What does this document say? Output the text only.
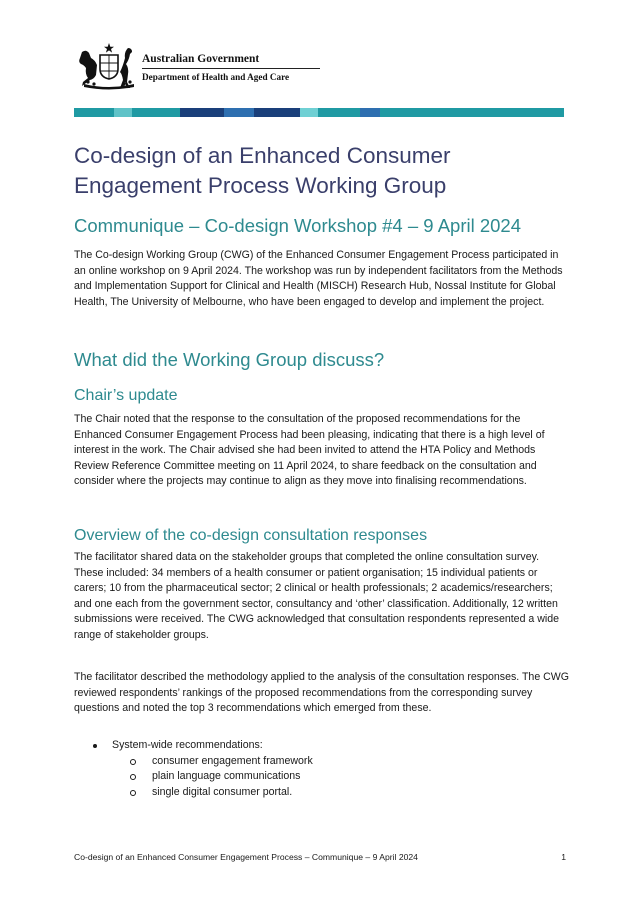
Australian Government
Department of Health and Aged Care
Co-design of an Enhanced Consumer Engagement Process Working Group
Communique – Co-design Workshop #4 – 9 April 2024

The Co-design Working Group (CWG) of the Enhanced Consumer Engagement Process participated in an online workshop on 9 April 2024. The workshop was run by independent facilitators from the Methods and Implementation Support for Clinical and Health (MISCH) Research Hub, Nossal Institute for Global Health, The University of Melbourne, who have been engaged to develop and implement the project.

What did the Working Group discuss?
Chair’s update

The Chair noted that the response to the consultation of the proposed recommendations for the Enhanced Consumer Engagement Process had been pleasing, indicating that there is a high level of interest in the work. The Chair advised she had been invited to attend the HTA Policy and Methods Review Reference Committee meeting on 11 April 2024, to share feedback on the consultation and consider where the projects may continue to align as they move into finalising recommendations.

Overview of the co-design consultation responses

The facilitator shared data on the stakeholder groups that completed the online consultation survey. These included: 34 members of a health consumer or patient organisation; 15 individual patients or carers; 10 from the pharmaceutical sector; 2 clinical or health professionals; 2 academics/researchers; and one each from the government sector, consultancy and ‘other’ classification. Additionally, 12 written submissions were received. The CWG acknowledged that consultation respondents represented a wide range of stakeholder groups.

The facilitator described the methodology applied to the analysis of the consultation responses. The CWG reviewed respondents’ rankings of the proposed recommendations from the corresponding survey questions and noted the top 3 recommendations which emerged from these.

System-wide recommendations:
consumer engagement framework
plain language communications
single digital consumer portal.
Co-design of an Enhanced Consumer Engagement Process – Communique – 9 April 2024	1
